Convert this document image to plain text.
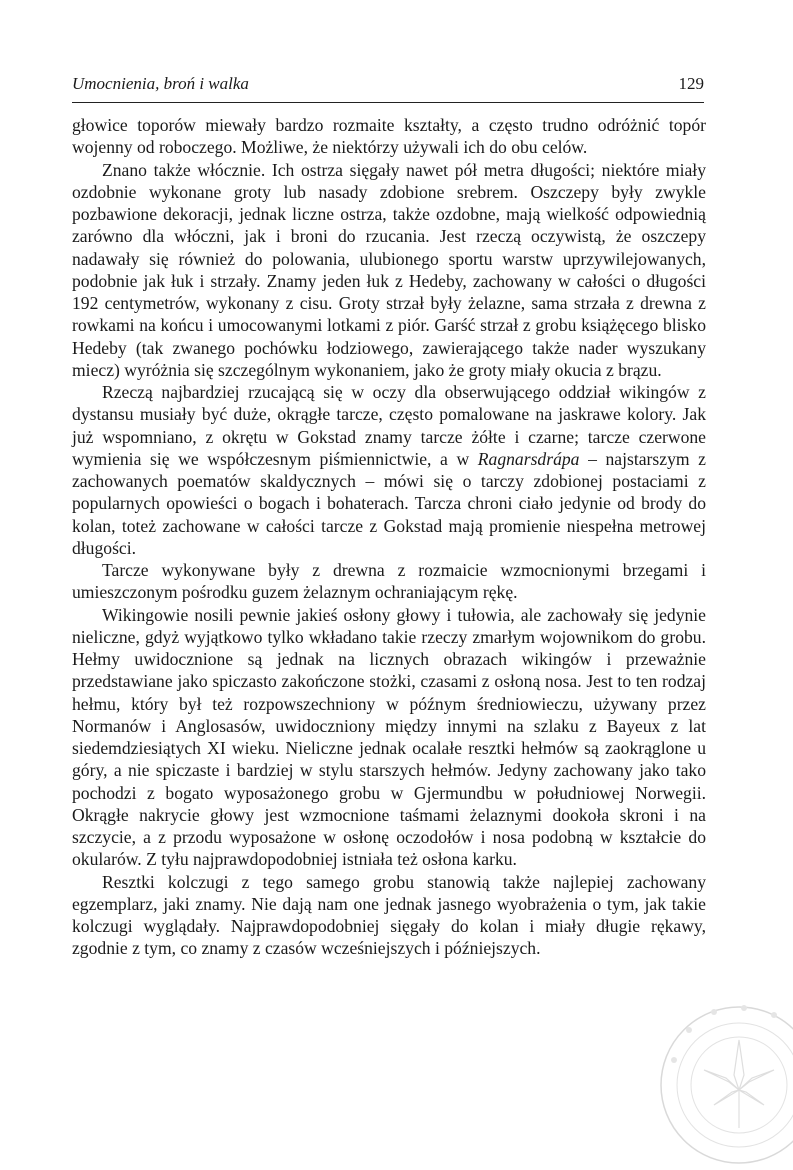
Umocnienia, broń i walka	129

głowice toporów miewały bardzo rozmaite kształty, a często trudno odróżnić topór wojenny od roboczego. Możliwe, że niektórzy używali ich do obu celów.

Znano także włócznie. Ich ostrza sięgały nawet pół metra długości; niektóre miały ozdobnie wykonane groty lub nasady zdobione srebrem. Oszczepy były zwykle pozbawione dekoracji, jednak liczne ostrza, także ozdobne, mają wielkość odpowiednią zarówno dla włóczni, jak i broni do rzucania. Jest rzeczą oczywistą, że oszczepy nadawały się również do polowania, ulubionego sportu warstw uprzywilejowanych, podobnie jak łuk i strzały. Znamy jeden łuk z Hedeby, zachowany w całości o długości 192 centymetrów, wykonany z cisu. Groty strzał były żelazne, sama strzała z drewna z rowkami na końcu i umocowanymi lotkami z piór. Garść strzał z grobu książęcego blisko Hedeby (tak zwanego pochówku łodziowego, zawierającego także nader wyszukany miecz) wyróżnia się szczególnym wykonaniem, jako że groty miały okucia z brązu.

Rzeczą najbardziej rzucającą się w oczy dla obserwującego oddział wikingów z dystansu musiały być duże, okrągłe tarcze, często pomalowane na jaskrawe kolory. Jak już wspomniano, z okrętu w Gokstad znamy tarcze żółte i czarne; tarcze czerwone wymienia się we współczesnym piśmiennictwie, a w Ragnarsdrápa – najstarszym z zachowanych poematów skaldycznych – mówi się o tarczy zdobionej postaciami z popularnych opowieści o bogach i bohaterach. Tarcza chroni ciało jedynie od brody do kolan, toteż zachowane w całości tarcze z Gokstad mają promienie niespełna metrowej długości.

Tarcze wykonywane były z drewna z rozmaicie wzmocnionymi brzegami i umieszczonym pośrodku guzem żelaznym ochraniającym rękę.

Wikingowie nosili pewnie jakieś osłony głowy i tułowia, ale zachowały się jedynie nieliczne, gdyż wyjątkowo tylko wkładano takie rzeczy zmarłym wojownikom do grobu. Hełmy uwidocznione są jednak na licznych obrazach wikingów i przeważnie przedstawiane jako spiczasto zakończone stożki, czasami z osłoną nosa. Jest to ten rodzaj hełmu, który był też rozpowszechniony w późnym średniowieczu, używany przez Normanów i Anglosasów, uwidoczniony między innymi na szlaku z Bayeux z lat siedemdziesiątych XI wieku. Nieliczne jednak ocalałe resztki hełmów są zaokrąglone u góry, a nie spiczaste i bardziej w stylu starszych hełmów. Jedyny zachowany jako tako pochodzi z bogato wyposażonego grobu w Gjermundbu w południowej Norwegii. Okrągłe nakrycie głowy jest wzmocnione taśmami żelaznymi dookoła skroni i na szczycie, a z przodu wyposażone w osłonę oczodołów i nosa podobną w kształcie do okularów. Z tyłu najprawdopodobniej istniała też osłona karku.

Resztki kolczugi z tego samego grobu stanowią także najlepiej zachowany egzemplarz, jaki znamy. Nie dają nam one jednak jasnego wyobrażenia o tym, jak takie kolczugi wyglądały. Najprawdopodobniej sięgały do kolan i miały długie rękawy, zgodnie z tym, co znamy z czasów wcześniejszych i późniejszych.
